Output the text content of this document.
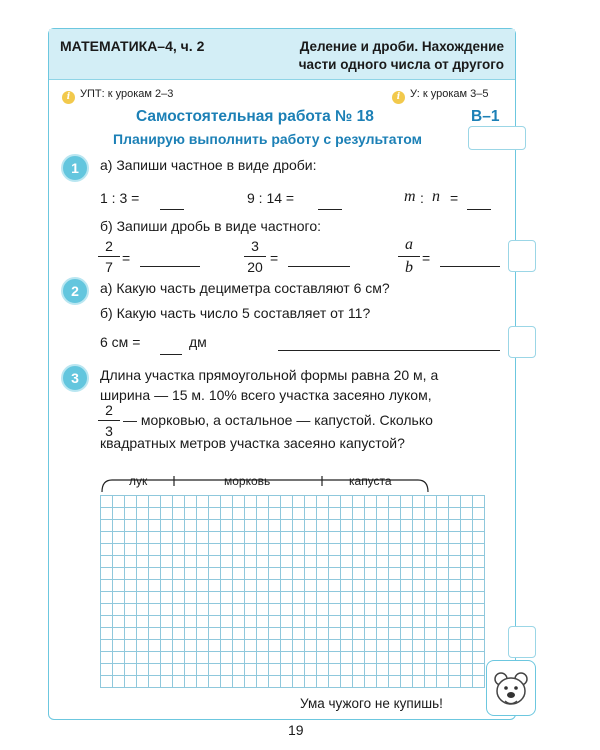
МАТЕМАТИКА–4, ч. 2	Деление и дроби. Нахождение
части одного числа от другого
i УПТ: к урокам 2–3	i У: к урокам 3–5
Самостоятельная работа № 18	В–1
Планирую выполнить работу с результатом
1	а) Запиши частное в виде дроби:
1 : 3 =	9 : 14 =	m : n =
б) Запиши дробь в виде частного:
2
7
=
3
20
=
a
b
=
2	а) Какую часть дециметра составляют 6 см?
б) Какую часть число 5 составляет от 11?
6 см =	дм
3	Длина участка прямоугольной формы равна 20 м, а
ширина — 15 м. 10% всего участка засеяно луком,
2
3
— морковью, а остальное — капустой. Сколько
квадратных метров участка засеяно капустой?
лук	морковь	капуста
Ума чужого не купишь!
19
